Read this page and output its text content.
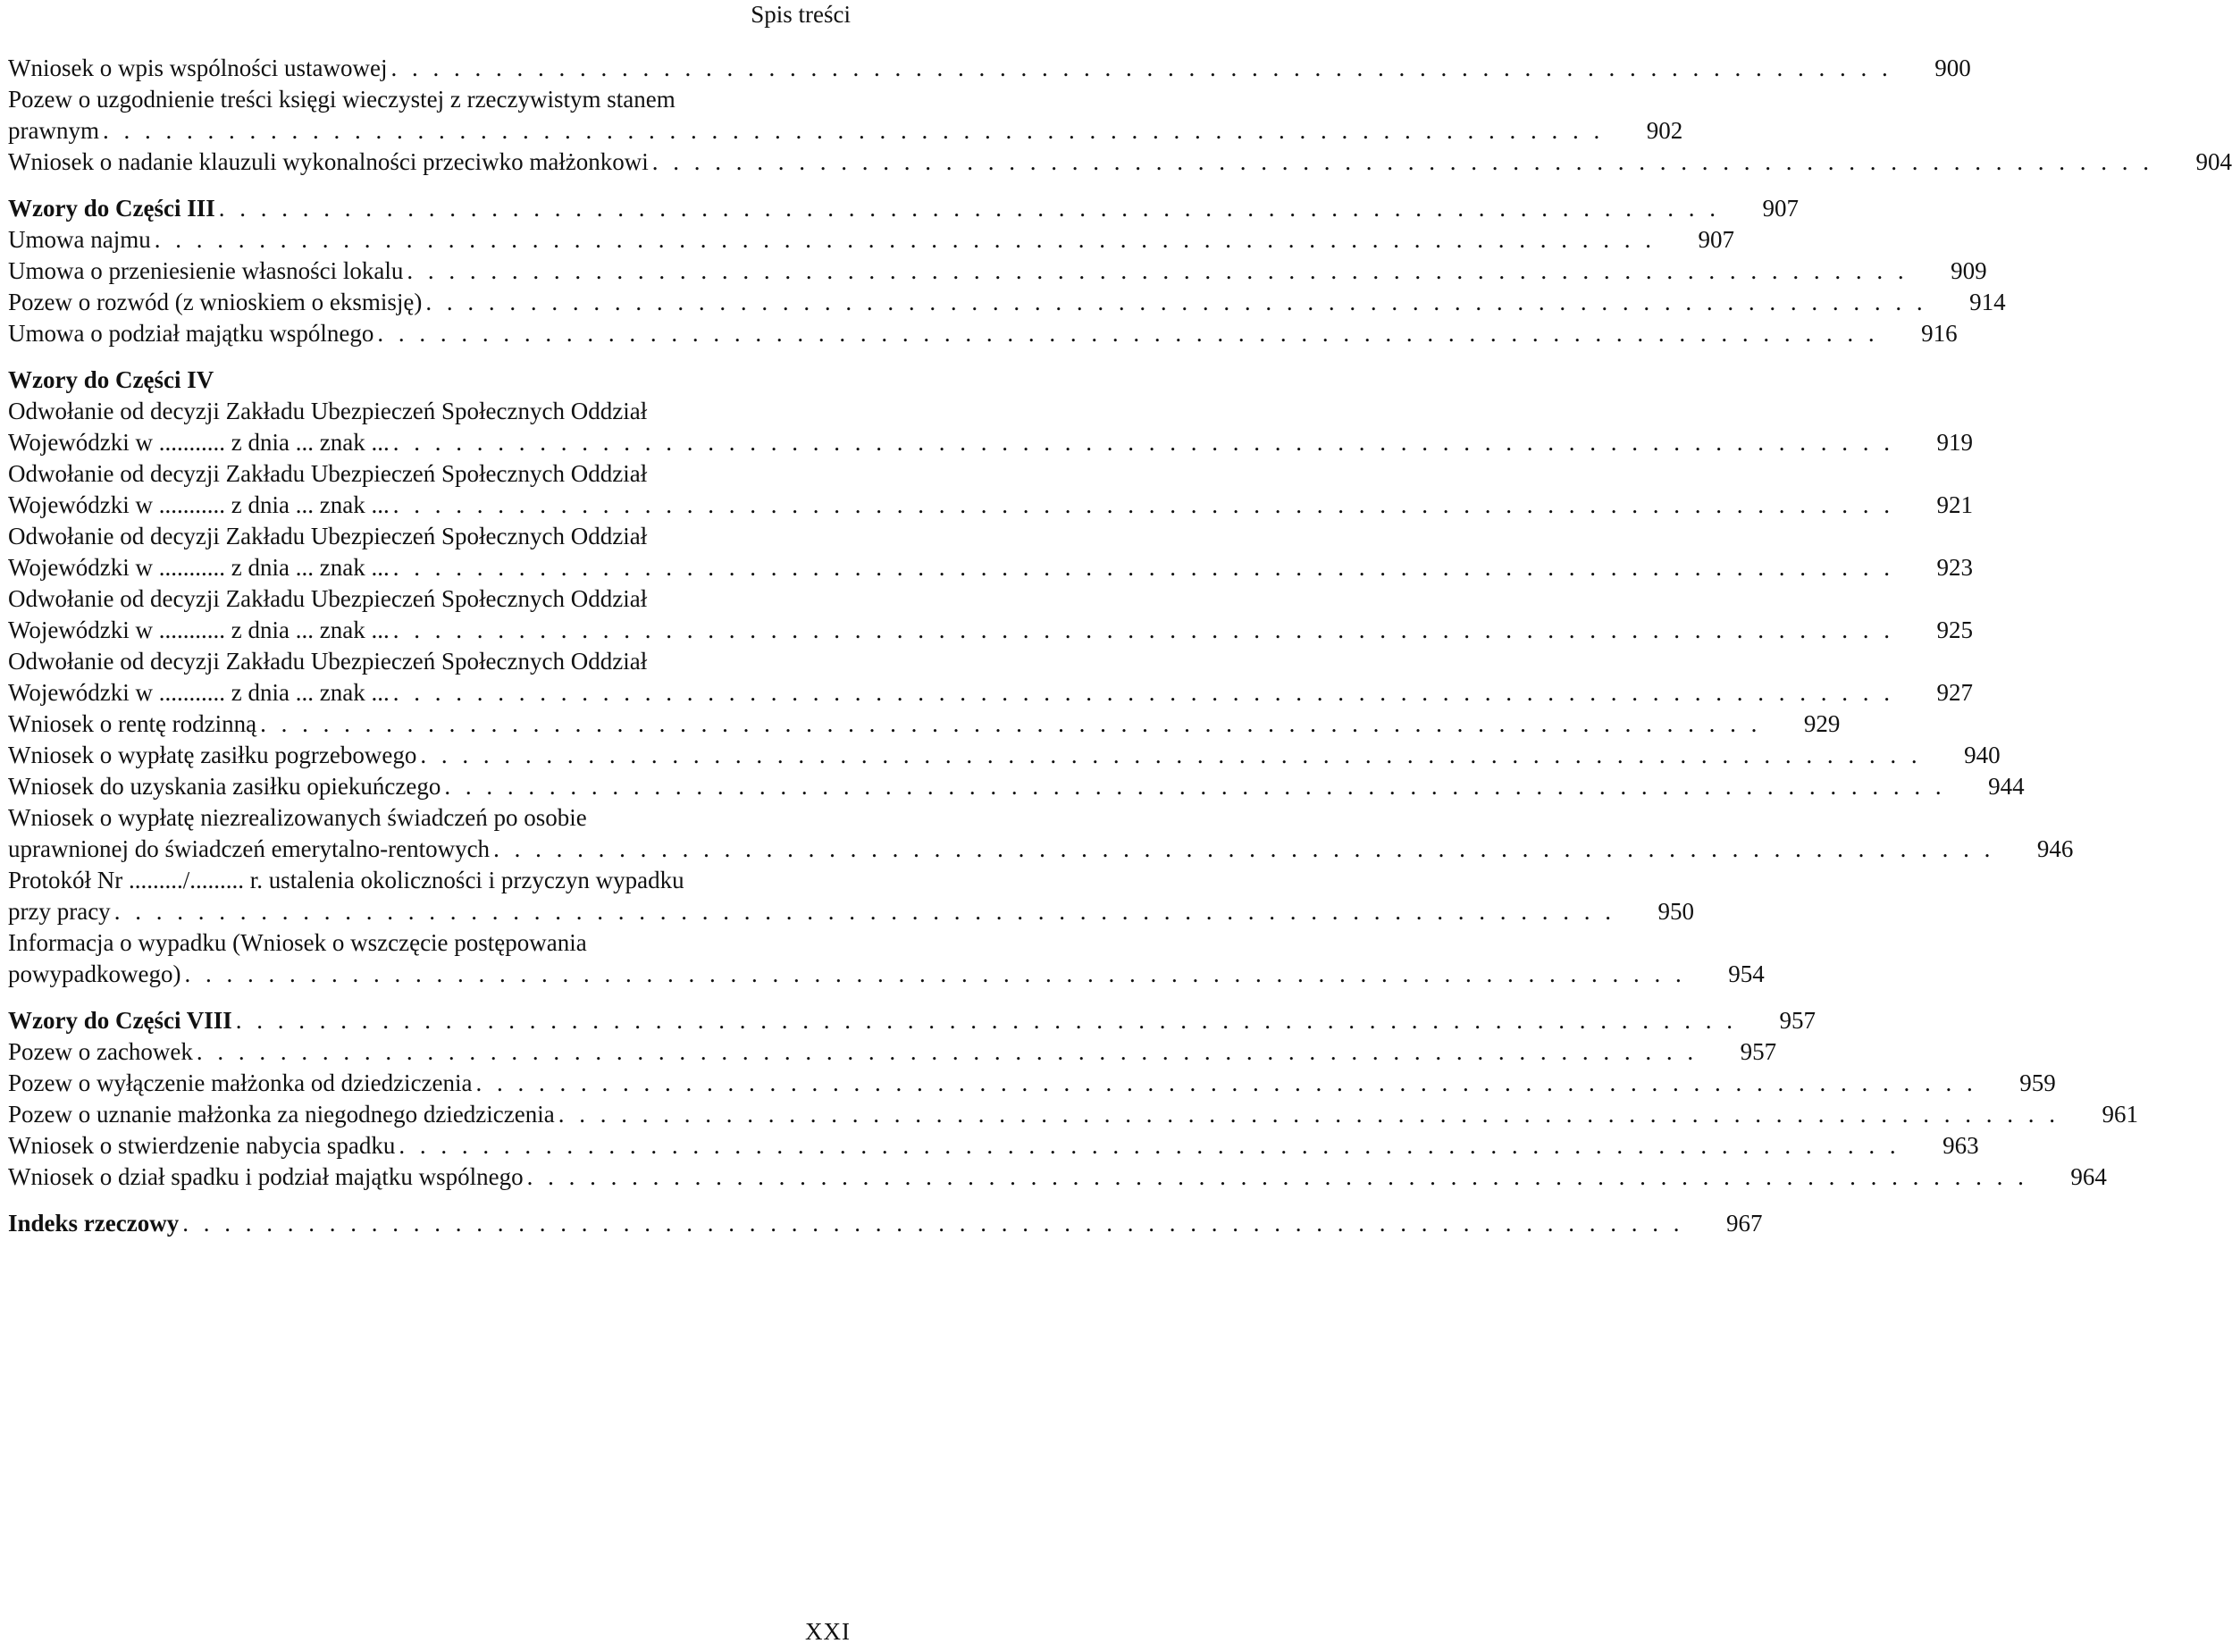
Spis treści
Wniosek o wpis wspólności ustawowej . . . . . . . . . . . . . . . . . . . . . . . . . . . . . . . . . . . . . . . . . . . . . . . . . . . . . . . . . . . . . . . . . . . . . . . .	900
Pozew o uzgodnienie treści księgi wieczystej z rzeczywistym stanem
prawnym . . . . . . . . . . . . . . . . . . . . . . . . . . . . . . . . . . . . . . . . . . . . . . . . . . . . . . . . . . . . . . . . . . . . . . . .	902
Wniosek o nadanie klauzuli wykonalności przeciwko małżonkowi . . . . . . . . . . . . . . . . . . . . . . . . . . . . . . . . . . . . . . . . . . . . . . . . . . . . . . . . . . . . . . . . . . . . . . . .	904
Wzory do Części III . . . . . . . . . . . . . . . . . . . . . . . . . . . . . . . . . . . . . . . . . . . . . . . . . . . . . . . . . . . . . . . . . . . . . . . .	907
Umowa najmu . . . . . . . . . . . . . . . . . . . . . . . . . . . . . . . . . . . . . . . . . . . . . . . . . . . . . . . . . . . . . . . . . . . . . . . .	907
Umowa o przeniesienie własności lokalu . . . . . . . . . . . . . . . . . . . . . . . . . . . . . . . . . . . . . . . . . . . . . . . . . . . . . . . . . . . . . . . . . . . . . . . .	909
Pozew o rozwód (z wnioskiem o eksmisję) . . . . . . . . . . . . . . . . . . . . . . . . . . . . . . . . . . . . . . . . . . . . . . . . . . . . . . . . . . . . . . . . . . . . . . . .	914
Umowa o podział majątku wspólnego . . . . . . . . . . . . . . . . . . . . . . . . . . . . . . . . . . . . . . . . . . . . . . . . . . . . . . . . . . . . . . . . . . . . . . . .	916
Wzory do Części IV
Odwołanie od decyzji Zakładu Ubezpieczeń Społecznych Oddział
Wojewódzki w ........... z dnia ... znak ... . . . . . . . . . . . . . . . . . . . . . . . . . . . . . . . . . . . . . . . . . . . . . . . . . . . . . . . . . . . . . . . . . . . . . . . .	919
Odwołanie od decyzji Zakładu Ubezpieczeń Społecznych Oddział
Wojewódzki w ........... z dnia ... znak ... . . . . . . . . . . . . . . . . . . . . . . . . . . . . . . . . . . . . . . . . . . . . . . . . . . . . . . . . . . . . . . . . . . . . . . . .	921
Odwołanie od decyzji Zakładu Ubezpieczeń Społecznych Oddział
Wojewódzki w ........... z dnia ... znak ... . . . . . . . . . . . . . . . . . . . . . . . . . . . . . . . . . . . . . . . . . . . . . . . . . . . . . . . . . . . . . . . . . . . . . . . .	923
Odwołanie od decyzji Zakładu Ubezpieczeń Społecznych Oddział
Wojewódzki w ........... z dnia ... znak ... . . . . . . . . . . . . . . . . . . . . . . . . . . . . . . . . . . . . . . . . . . . . . . . . . . . . . . . . . . . . . . . . . . . . . . . .	925
Odwołanie od decyzji Zakładu Ubezpieczeń Społecznych Oddział
Wojewódzki w ........... z dnia ... znak ... . . . . . . . . . . . . . . . . . . . . . . . . . . . . . . . . . . . . . . . . . . . . . . . . . . . . . . . . . . . . . . . . . . . . . . . .	927
Wniosek o rentę rodzinną . . . . . . . . . . . . . . . . . . . . . . . . . . . . . . . . . . . . . . . . . . . . . . . . . . . . . . . . . . . . . . . . . . . . . . . .	929
Wniosek o wypłatę zasiłku pogrzebowego . . . . . . . . . . . . . . . . . . . . . . . . . . . . . . . . . . . . . . . . . . . . . . . . . . . . . . . . . . . . . . . . . . . . . . . .	940
Wniosek do uzyskania zasiłku opiekuńczego . . . . . . . . . . . . . . . . . . . . . . . . . . . . . . . . . . . . . . . . . . . . . . . . . . . . . . . . . . . . . . . . . . . . . . . .	944
Wniosek o wypłatę niezrealizowanych świadczeń po osobie
uprawnionej do świadczeń emerytalno-rentowych . . . . . . . . . . . . . . . . . . . . . . . . . . . . . . . . . . . . . . . . . . . . . . . . . . . . . . . . . . . . . . . . . . . . . . . .	946
Protokół Nr ........./......... r. ustalenia okoliczności i przyczyn wypadku
przy pracy . . . . . . . . . . . . . . . . . . . . . . . . . . . . . . . . . . . . . . . . . . . . . . . . . . . . . . . . . . . . . . . . . . . . . . . .	950
Informacja o wypadku (Wniosek o wszczęcie postępowania
powypadkowego) . . . . . . . . . . . . . . . . . . . . . . . . . . . . . . . . . . . . . . . . . . . . . . . . . . . . . . . . . . . . . . . . . . . . . . . .	954
Wzory do Części VIII . . . . . . . . . . . . . . . . . . . . . . . . . . . . . . . . . . . . . . . . . . . . . . . . . . . . . . . . . . . . . . . . . . . . . . . .	957
Pozew o zachowek . . . . . . . . . . . . . . . . . . . . . . . . . . . . . . . . . . . . . . . . . . . . . . . . . . . . . . . . . . . . . . . . . . . . . . . .	957
Pozew o wyłączenie małżonka od dziedziczenia . . . . . . . . . . . . . . . . . . . . . . . . . . . . . . . . . . . . . . . . . . . . . . . . . . . . . . . . . . . . . . . . . . . . . . . .	959
Pozew o uznanie małżonka za niegodnego dziedziczenia . . . . . . . . . . . . . . . . . . . . . . . . . . . . . . . . . . . . . . . . . . . . . . . . . . . . . . . . . . . . . . . . . . . . . . . .	961
Wniosek o stwierdzenie nabycia spadku . . . . . . . . . . . . . . . . . . . . . . . . . . . . . . . . . . . . . . . . . . . . . . . . . . . . . . . . . . . . . . . . . . . . . . . .	963
Wniosek o dział spadku i podział majątku wspólnego . . . . . . . . . . . . . . . . . . . . . . . . . . . . . . . . . . . . . . . . . . . . . . . . . . . . . . . . . . . . . . . . . . . . . . . .	964
Indeks rzeczowy . . . . . . . . . . . . . . . . . . . . . . . . . . . . . . . . . . . . . . . . . . . . . . . . . . . . . . . . . . . . . . . . . . . . . . . .	967
XXI
